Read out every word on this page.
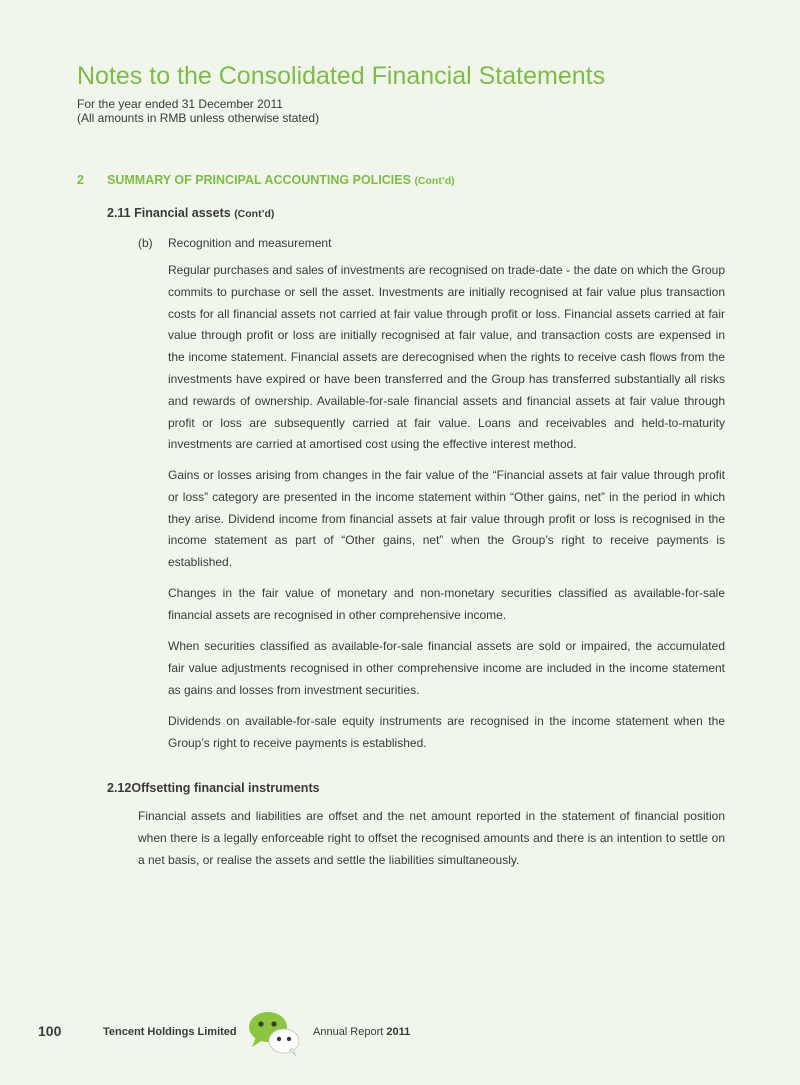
Notes to the Consolidated Financial Statements
For the year ended 31 December 2011
(All amounts in RMB unless otherwise stated)
2 SUMMARY OF PRINCIPAL ACCOUNTING POLICIES (Cont’d)
2.11 Financial assets (Cont’d)
(b) Recognition and measurement

Regular purchases and sales of investments are recognised on trade-date - the date on which the Group commits to purchase or sell the asset. Investments are initially recognised at fair value plus transaction costs for all financial assets not carried at fair value through profit or loss. Financial assets carried at fair value through profit or loss are initially recognised at fair value, and transaction costs are expensed in the income statement. Financial assets are derecognised when the rights to receive cash flows from the investments have expired or have been transferred and the Group has transferred substantially all risks and rewards of ownership. Available-for-sale financial assets and financial assets at fair value through profit or loss are subsequently carried at fair value. Loans and receivables and held-to-maturity investments are carried at amortised cost using the effective interest method.

Gains or losses arising from changes in the fair value of the “Financial assets at fair value through profit or loss” category are presented in the income statement within “Other gains, net” in the period in which they arise. Dividend income from financial assets at fair value through profit or loss is recognised in the income statement as part of “Other gains, net” when the Group’s right to receive payments is established.

Changes in the fair value of monetary and non-monetary securities classified as available-for-sale financial assets are recognised in other comprehensive income.

When securities classified as available-for-sale financial assets are sold or impaired, the accumulated fair value adjustments recognised in other comprehensive income are included in the income statement as gains and losses from investment securities.

Dividends on available-for-sale equity instruments are recognised in the income statement when the Group’s right to receive payments is established.

2.12Offsetting financial instruments

Financial assets and liabilities are offset and the net amount reported in the statement of financial position when there is a legally enforceable right to offset the recognised amounts and there is an intention to settle on a net basis, or realise the assets and settle the liabilities simultaneously.

100	Tencent Holdings Limited	Annual Report 2011
